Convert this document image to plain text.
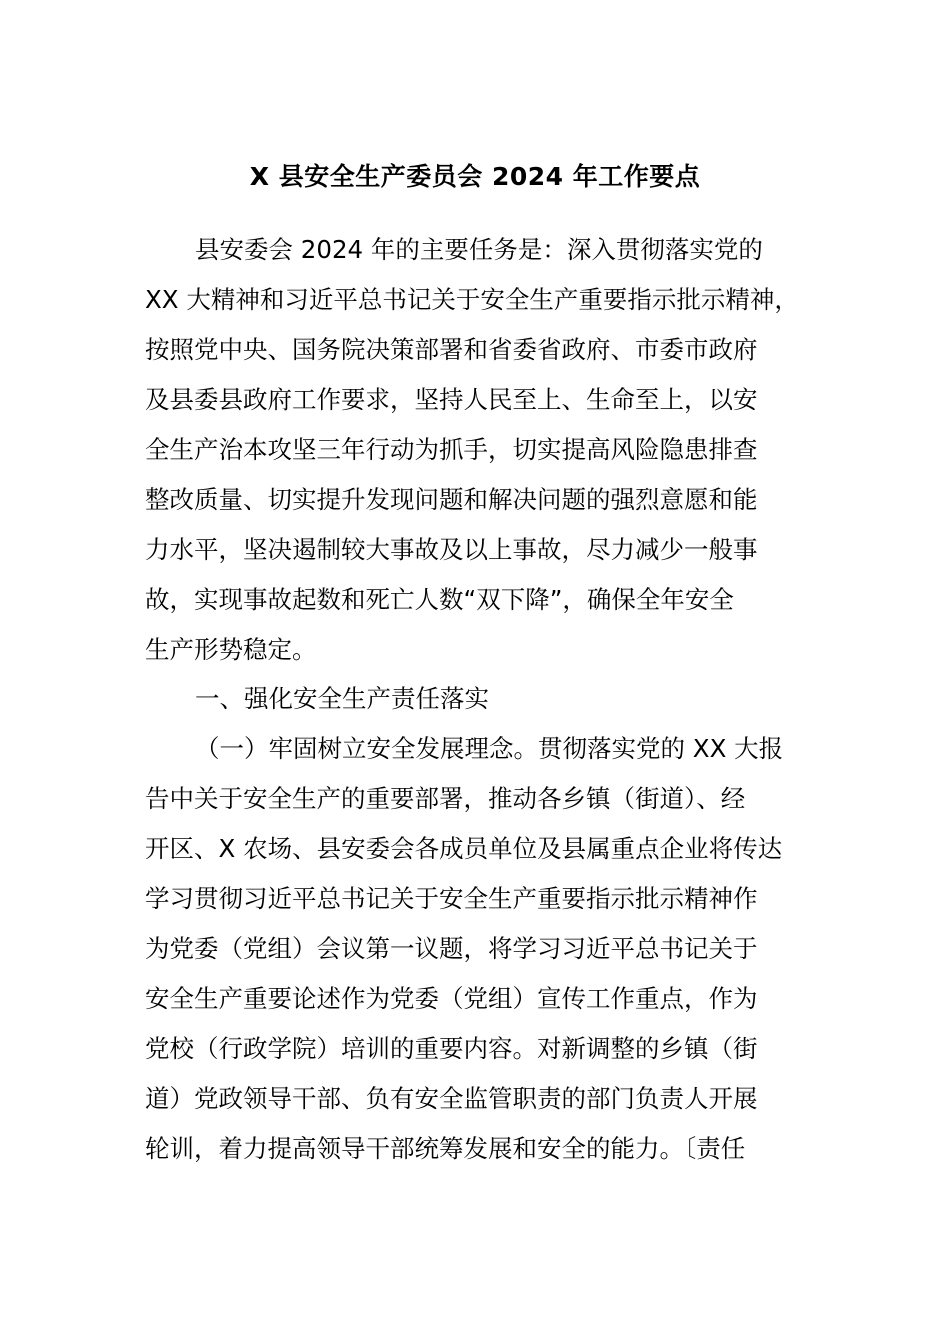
X 县安全生产委员会 2024 年工作要点
县安委会 2024 年的主要任务是：深入贯彻落实党的
XX 大精神和习近平总书记关于安全生产重要指示批示精神，
按照党中央、国务院决策部署和省委省政府、市委市政府
及县委县政府工作要求，坚持人民至上、生命至上，以安
全生产治本攻坚三年行动为抓手，切实提高风险隐患排查
整改质量、切实提升发现问题和解决问题的强烈意愿和能
力水平，坚决遏制较大事故及以上事故，尽力减少一般事
故，实现事故起数和死亡人数“双下降”，确保全年安全
生产形势稳定。
一、强化安全生产责任落实
（一）牢固树立安全发展理念。贯彻落实党的 XX 大报
告中关于安全生产的重要部署，推动各乡镇（街道）、经
开区、X 农场、县安委会各成员单位及县属重点企业将传达
学习贯彻习近平总书记关于安全生产重要指示批示精神作
为党委（党组）会议第一议题，将学习习近平总书记关于
安全生产重要论述作为党委（党组）宣传工作重点，作为
党校（行政学院）培训的重要内容。对新调整的乡镇（街
道）党政领导干部、负有安全监管职责的部门负责人开展
轮训，着力提高领导干部统筹发展和安全的能力。〔责任
